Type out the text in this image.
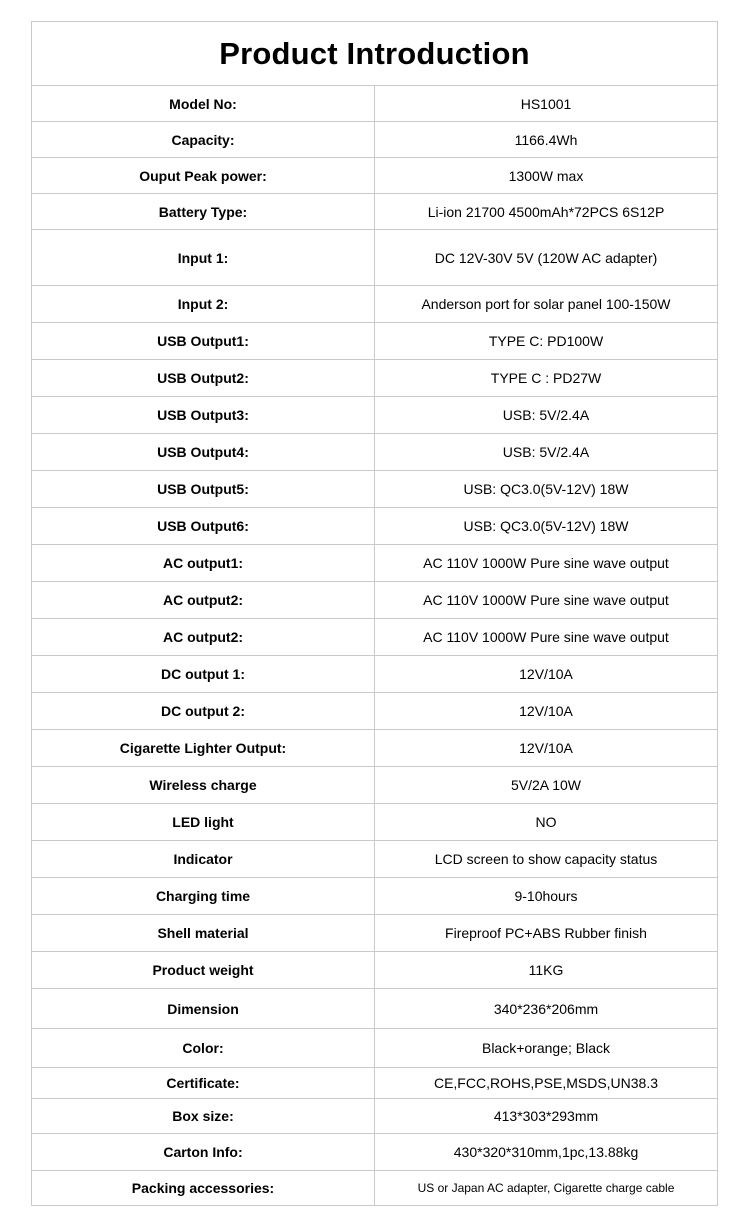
Product Introduction	
Model No:	HS1001
Capacity:	1166.4Wh
Ouput Peak power:	1300W max
Battery Type:	Li-ion 21700 4500mAh*72PCS 6S12P
Input 1:	DC 12V-30V 5V (120W AC adapter)
Input 2:	Anderson port for solar panel 100-150W
USB Output1:	TYPE C: PD100W
USB Output2:	TYPE C : PD27W
USB Output3:	USB: 5V/2.4A
USB Output4:	USB: 5V/2.4A
USB Output5:	USB: QC3.0(5V-12V) 18W
USB Output6:	USB: QC3.0(5V-12V) 18W
AC output1:	AC 110V 1000W Pure sine wave output
AC output2:	AC 110V 1000W Pure sine wave output
AC output2:	AC 110V 1000W Pure sine wave output
DC output 1:	12V/10A
DC output 2:	12V/10A
Cigarette Lighter Output:	12V/10A
Wireless charge	5V/2A 10W
LED light	NO
Indicator	LCD screen to show capacity status
Charging time	9-10hours
Shell material	Fireproof PC+ABS Rubber finish
Product weight	11KG
Dimension	340*236*206mm
Color:	Black+orange; Black
Certificate:	CE,FCC,ROHS,PSE,MSDS,UN38.3
Box size:	413*303*293mm
Carton Info:	430*320*310mm,1pc,13.88kg
Packing accessories:	US or Japan AC adapter, Cigarette charge cable
